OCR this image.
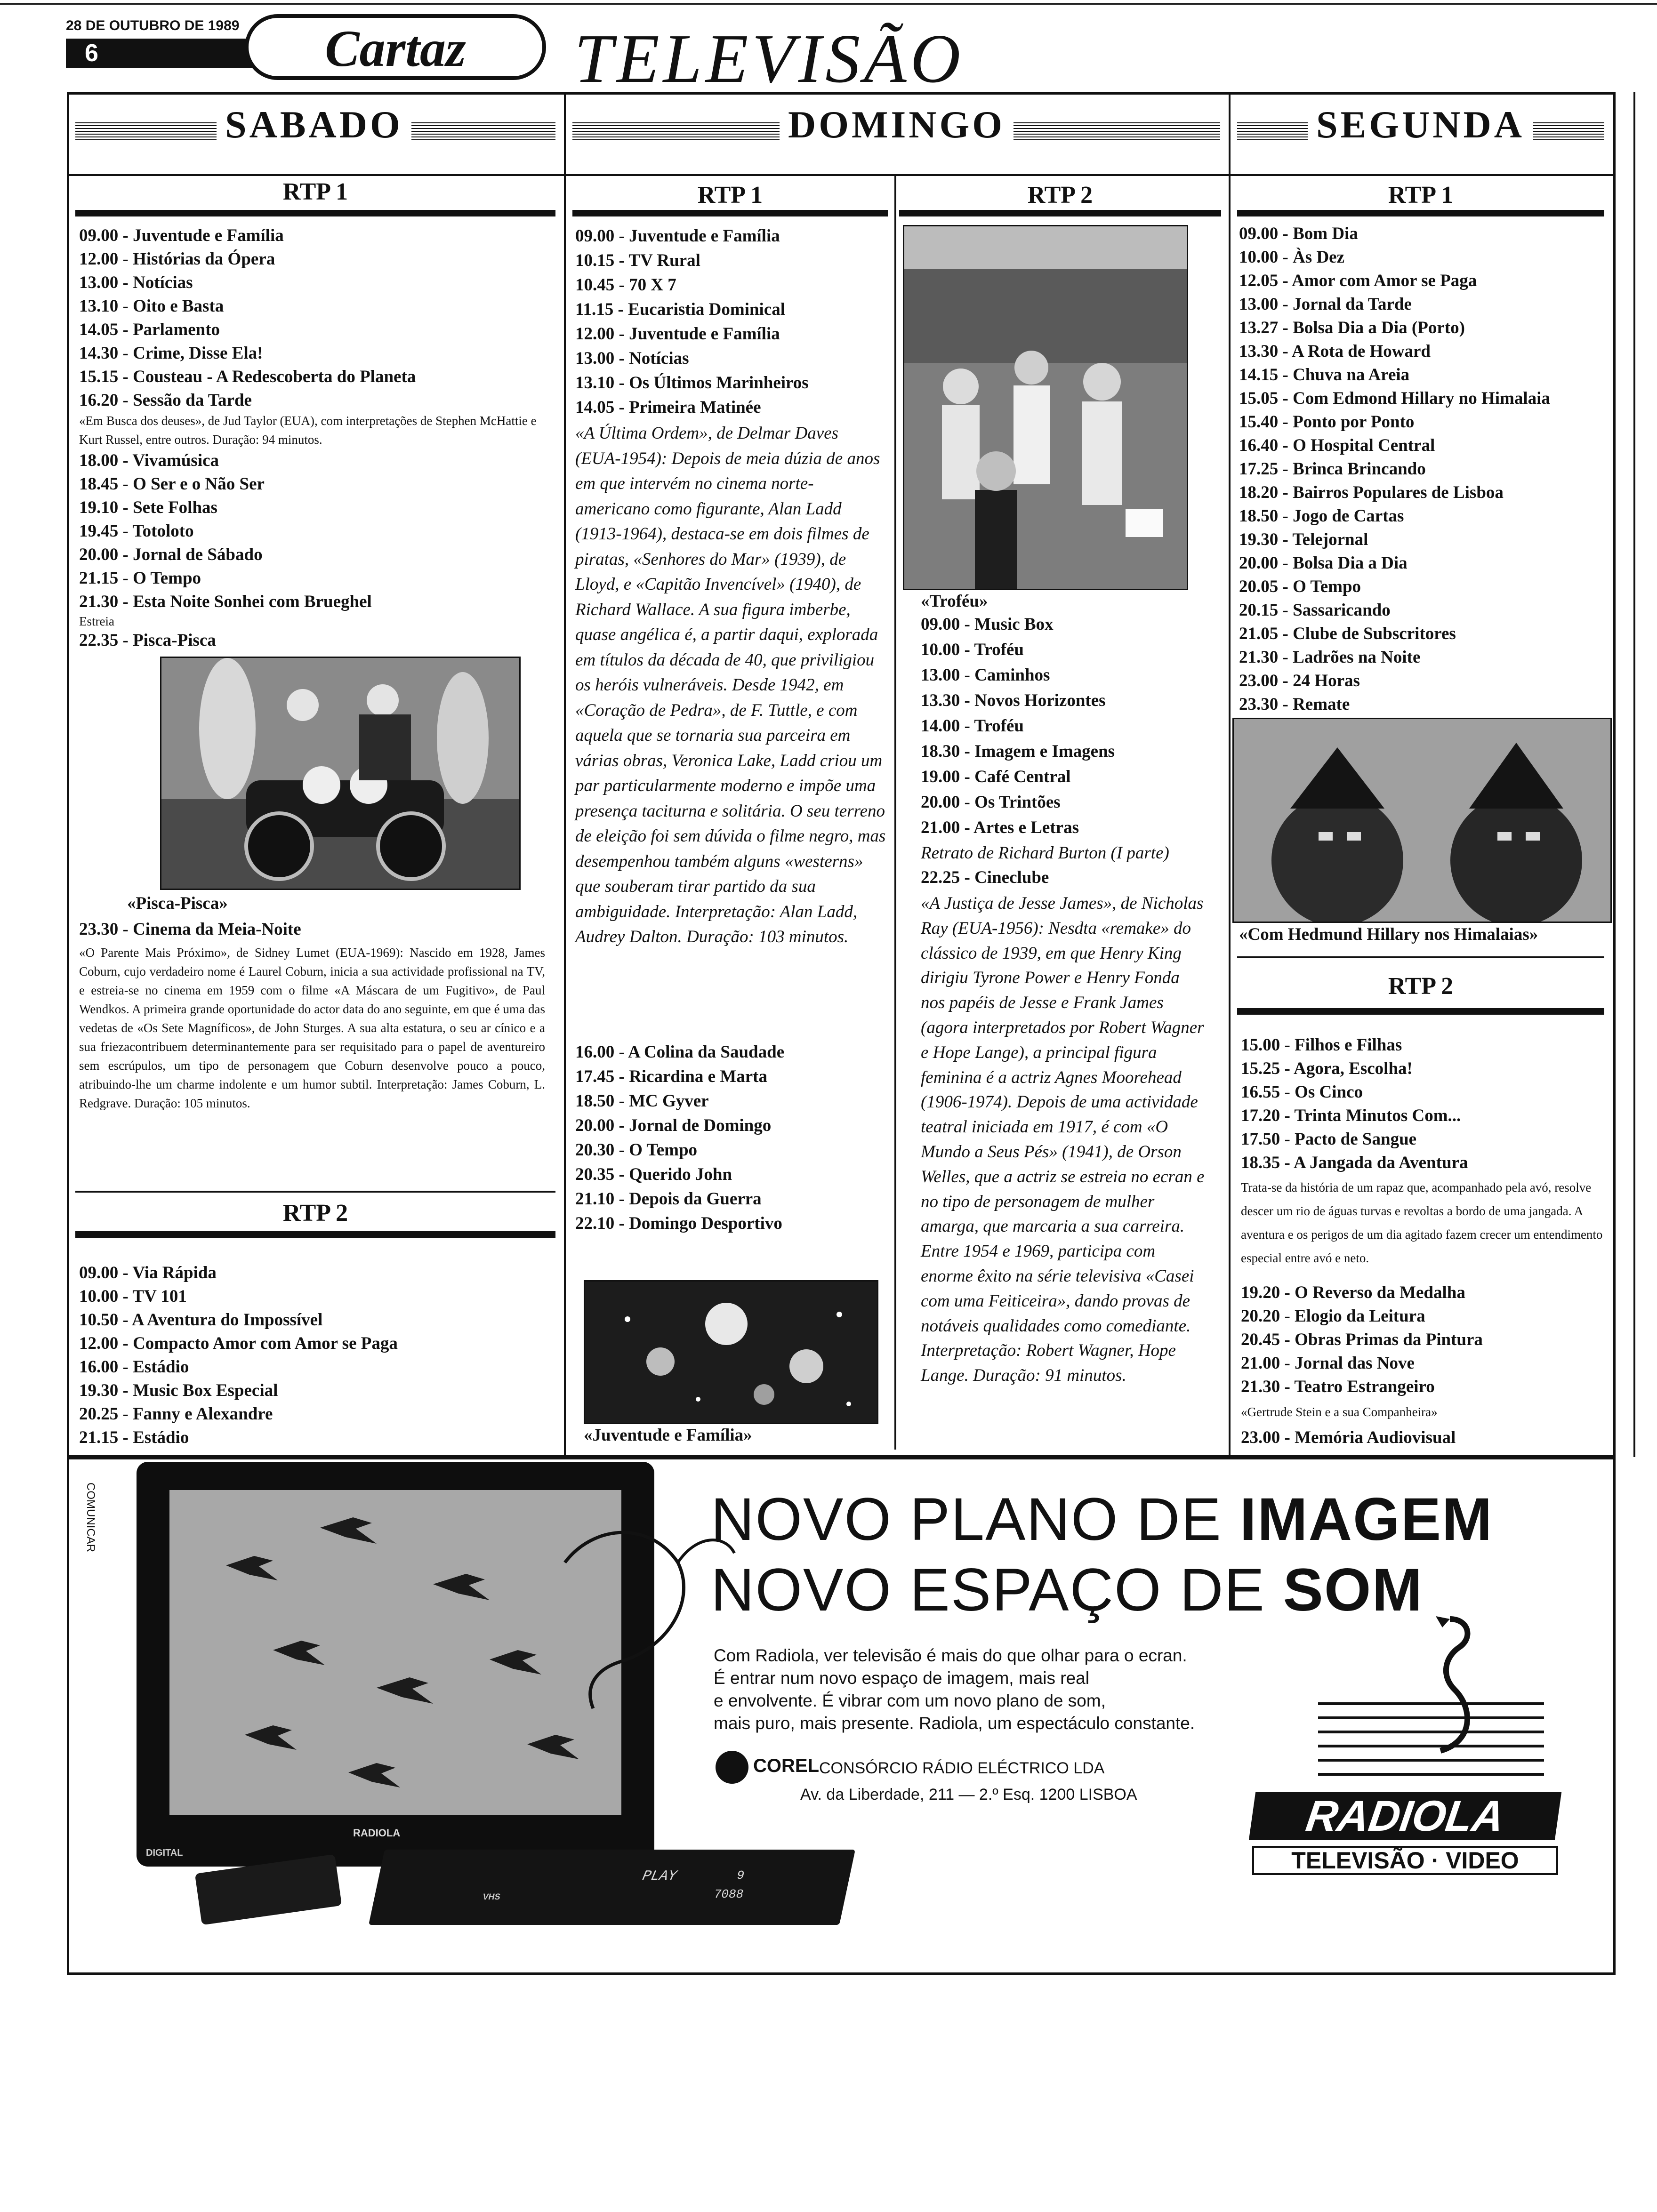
28 DE OUTUBRO DE 1989
6	Cartaz	TELEVISÃO
SABADO	DOMINGO	SEGUNDA
RTP 1
09.00 - Juventude e Família
12.00 - Histórias da Ópera
13.00 - Notícias
13.10 - Oito e Basta
14.05 - Parlamento
14.30 - Crime, Disse Ela!
15.15 - Cousteau - A Redescoberta do Planeta
16.20 - Sessão da Tarde
«Em Busca dos deuses», de Jud Taylor (EUA), com interpretações de Stephen McHattie e Kurt Russel, entre outros. Duração: 94 minutos.
18.00 - Vivamúsica
18.45 - O Ser e o Não Ser
19.10 - Sete Folhas
19.45 - Totoloto
20.00 - Jornal de Sábado
21.15 - O Tempo
21.30 - Esta Noite Sonhei com Brueghel
Estreia
22.35 - Pisca-Pisca
«Pisca-Pisca»
23.30 - Cinema da Meia-Noite
«O Parente Mais Próximo», de Sidney Lumet (EUA-1969): Nascido em 1928, James Coburn, cujo verdadeiro nome é Laurel Coburn, inicia a sua actividade profissional na TV, e estreia-se no cinema em 1959 com o filme «A Máscara de um Fugitivo», de Paul Wendkos. A primeira grande oportunidade do actor data do ano seguinte, em que é uma das vedetas de «Os Sete Magníficos», de John Sturges. A sua alta estatura, o seu ar cínico e a sua friezacontribuem determinantemente para ser requisitado para o papel de aventureiro sem escrúpulos, um tipo de personagem que Coburn desenvolve pouco a pouco, atribuindo-lhe um charme indolente e um humor subtil. Interpretação: James Coburn, L. Redgrave. Duração: 105 minutos.
RTP 2
09.00 - Via Rápida
10.00 - TV 101
10.50 - A Aventura do Impossível
12.00 - Compacto Amor com Amor se Paga
16.00 - Estádio
19.30 - Music Box Especial
20.25 - Fanny e Alexandre
21.15 - Estádio
RTP 1
09.00 - Juventude e Família
10.15 - TV Rural
10.45 - 70 X 7
11.15 - Eucaristia Dominical
12.00 - Juventude e Família
13.00 - Notícias
13.10 - Os Últimos Marinheiros
14.05 - Primeira Matinée
«A Última Ordem», de Delmar Daves (EUA-1954): Depois de meia dúzia de anos em que intervém no cinema norte-americano como figurante, Alan Ladd (1913-1964), destaca-se em dois filmes de piratas, «Senhores do Mar» (1939), de Lloyd, e «Capitão Invencível» (1940), de Richard Wallace. A sua figura imberbe, quase angélica é, a partir daqui, explorada em títulos da década de 40, que priviligiou os heróis vulneráveis. Desde 1942, em «Coração de Pedra», de F. Tuttle, e com aquela que se tornaria sua parceira em várias obras, Veronica Lake, Ladd criou um par particularmente moderno e impõe uma presença taciturna e solitária. O seu terreno de eleição foi sem dúvida o filme negro, mas desempenhou também alguns «westerns» que souberam tirar partido da sua ambiguidade. Interpretação: Alan Ladd, Audrey Dalton. Duração: 103 minutos.
16.00 - A Colina da Saudade
17.45 - Ricardina e Marta
18.50 - MC Gyver
20.00 - Jornal de Domingo
20.30 - O Tempo
20.35 - Querido John
21.10 - Depois da Guerra
22.10 - Domingo Desportivo
«Juventude e Família»
RTP 2
«Troféu»
09.00 - Music Box
10.00 - Troféu
13.00 - Caminhos
13.30 - Novos Horizontes
14.00 - Troféu
18.30 - Imagem e Imagens
19.00 - Café Central
20.00 - Os Trintões
21.00 - Artes e Letras
Retrato de Richard Burton (I parte)
22.25 - Cineclube
«A Justiça de Jesse James», de Nicholas Ray (EUA-1956): Nesdta «remake» do clássico de 1939, em que Henry King dirigiu Tyrone Power e Henry Fonda nos papéis de Jesse e Frank James (agora interpretados por Robert Wagner e Hope Lange), a principal figura feminina é a actriz Agnes Moorehead (1906-1974). Depois de uma actividade teatral iniciada em 1917, é com «O Mundo a Seus Pés» (1941), de Orson Welles, que a actriz se estreia no ecran e no tipo de personagem de mulher amarga, que marcaria a sua carreira. Entre 1954 e 1969, participa com enorme êxito na série televisiva «Casei com uma Feiticeira», dando provas de notáveis qualidades como comediante. Interpretação: Robert Wagner, Hope Lange. Duração: 91 minutos.
RTP 1
09.00 - Bom Dia
10.00 - Às Dez
12.05 - Amor com Amor se Paga
13.00 - Jornal da Tarde
13.27 - Bolsa Dia a Dia (Porto)
13.30 - A Rota de Howard
14.15 - Chuva na Areia
15.05 - Com Edmond Hillary no Himalaia
15.40 - Ponto por Ponto
16.40 - O Hospital Central
17.25 - Brinca Brincando
18.20 - Bairros Populares de Lisboa
18.50 - Jogo de Cartas
19.30 - Telejornal
20.00 - Bolsa Dia a Dia
20.05 - O Tempo
20.15 - Sassaricando
21.05 - Clube de Subscritores
21.30 - Ladrões na Noite
23.00 - 24 Horas
23.30 - Remate
«Com Hedmund Hillary nos Himalaias»
RTP 2
15.00 - Filhos e Filhas
15.25 - Agora, Escolha!
16.55 - Os Cinco
17.20 - Trinta Minutos Com...
17.50 - Pacto de Sangue
18.35 - A Jangada da Aventura
Trata-se da história de um rapaz que, acompanhado pela avó, resolve descer um rio de águas turvas e revoltas a bordo de uma jangada. A aventura e os perigos de um dia agitado fazem crecer um entendimento especial entre avó e neto.
19.20 - O Reverso da Medalha
20.20 - Elogio da Leitura
20.45 - Obras Primas da Pintura
21.00 - Jornal das Nove
21.30 - Teatro Estrangeiro
«Gertrude Stein e a sua Companheira»
23.00 - Memória Audiovisual
COMUNICAR
RADIOLA
DIGITAL
PLAY	9
7088
VHS
NOVO PLANO DE IMAGEM
NOVO ESPAÇO DE SOM
Com Radiola, ver televisão é mais do que olhar para o ecran.
É entrar num novo espaço de imagem, mais real
e envolvente. É vibrar com um novo plano de som,
mais puro, mais presente. Radiola, um espectáculo constante.
COREL CONSÓRCIO RÁDIO ELÉCTRICO LDA
Av. da Liberdade, 211 — 2.º Esq. 1200 LISBOA	RADIOLA
TELEVISÃO · VIDEO
